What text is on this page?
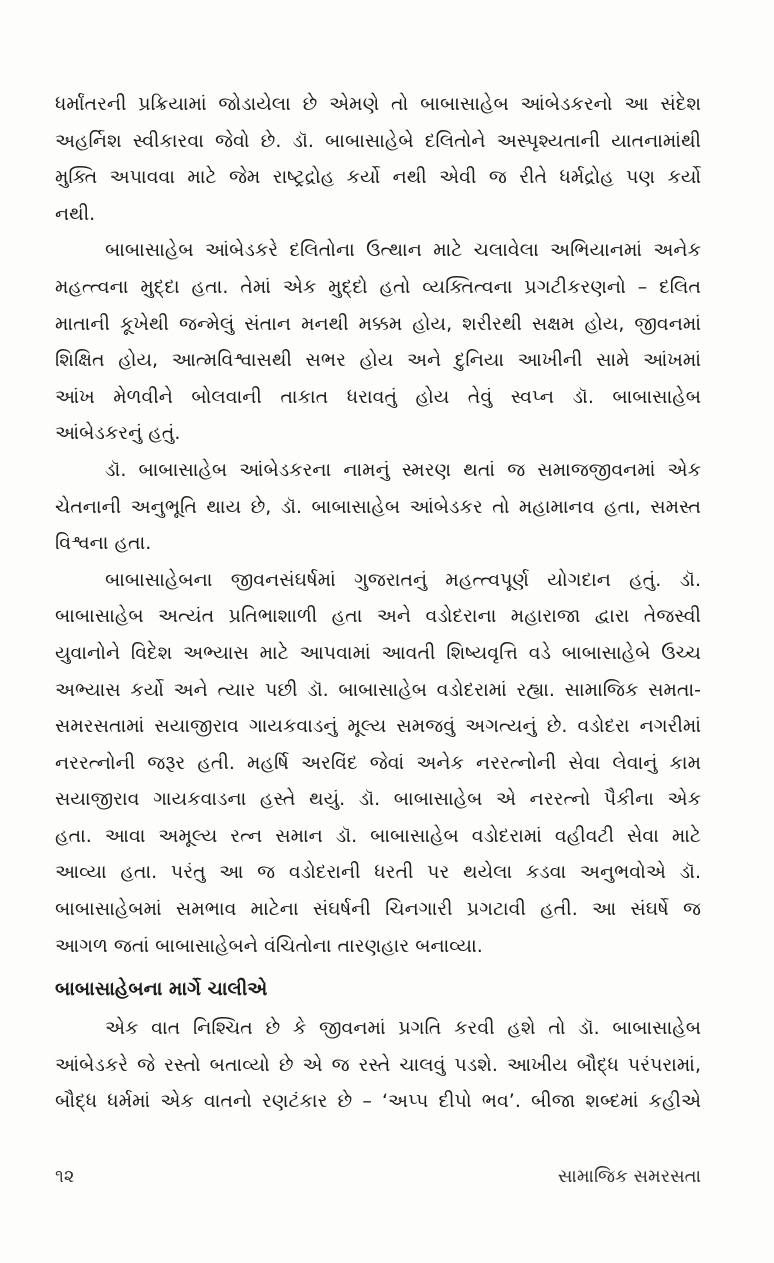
ધર્માંતરની પ્રક્રિયામાં જોડાયેલા છે એમણે તો બાબાસાહેબ આંબેડકરનો આ સંદેશ
અહર્નિશ સ્વીકારવા જેવો છે. ડૉ. બાબાસાહેબે દલિતોને અસ્પૃશ્યતાની યાતનામાંથી
મુક્તિ અપાવવા માટે જેમ રાષ્ટ્રદ્રોહ કર્યો નથી એવી જ રીતે ધર્મદ્રોહ પણ કર્યો
નથી.
બાબાસાહેબ આંબેડકરે દલિતોના ઉત્થાન માટે ચલાવેલા અભિયાનમાં અનેક
મહત્ત્વના મુદ્દા હતા. તેમાં એક મુદ્દો હતો વ્યક્તિત્વના પ્રગટીકરણનો – દલિત
માતાની કૂખેથી જન્મેલું સંતાન મનથી મક્કમ હોય, શરીરથી સક્ષમ હોય, જીવનમાં
શિક્ષિત હોય, આત્મવિશ્વાસથી સભર હોય અને દુનિયા આખીની સામે આંખમાં
આંખ મેળવીને બોલવાની તાકાત ધરાવતું હોય તેવું સ્વપ્ન ડૉ. બાબાસાહેબ
આંબેડકરનું હતું.
ડૉ. બાબાસાહેબ આંબેડકરના નામનું સ્મરણ થતાં જ સમાજજીવનમાં એક
ચેતનાની અનુભૂતિ થાય છે, ડૉ. બાબાસાહેબ આંબેડકર તો મહામાનવ હતા, સમસ્ત
વિશ્વના હતા.
બાબાસાહેબના જીવનસંઘર્ષમાં ગુજરાતનું મહત્ત્વપૂર્ણ યોગદાન હતું. ડૉ.
બાબાસાહેબ અત્યંત પ્રતિભાશાળી હતા અને વડોદરાના મહારાજા દ્વારા તેજસ્વી
યુવાનોને વિદેશ અભ્યાસ માટે આપવામાં આવતી શિષ્યવૃત્તિ વડે બાબાસાહેબે ઉચ્ચ
અભ્યાસ કર્યો અને ત્યાર પછી ડૉ. બાબાસાહેબ વડોદરામાં રહ્યા. સામાજિક સમતા-
સમરસતામાં સયાજીરાવ ગાયકવાડનું મૂલ્ય સમજવું અગત્યનું છે. વડોદરા નગરીમાં
નરરત્નોની જરૂર હતી. મહર્ષિ અરવિંદ જેવાં અનેક નરરત્નોની સેવા લેવાનું કામ
સયાજીરાવ ગાયકવાડના હસ્તે થયું. ડૉ. બાબાસાહેબ એ નરરત્નો પૈકીના એક
હતા. આવા અમૂલ્ય રત્ન સમાન ડૉ. બાબાસાહેબ વડોદરામાં વહીવટી સેવા માટે
આવ્યા હતા. પરંતુ આ જ વડોદરાની ધરતી પર થયેલા કડવા અનુભવોએ ડૉ.
બાબાસાહેબમાં સમભાવ માટેના સંઘર્ષની ચિનગારી પ્રગટાવી હતી. આ સંઘર્ષે જ
આગળ જતાં બાબાસાહેબને વંચિતોના તારણહાર બનાવ્યા.
બાબાસાહેબના માર્ગે ચાલીએ
એક વાત નિશ્ચિત છે કે જીવનમાં પ્રગતિ કરવી હશે તો ડૉ. બાબાસાહેબ
આંબેડકરે જે રસ્તો બતાવ્યો છે એ જ રસ્તે ચાલવું પડશે. આખીય બૌદ્ધ પરંપરામાં,
બૌદ્ધ ધર્મમાં એક વાતનો રણટંકાર છે – ‘અપ્પ દીપો ભવ’. બીજા શબ્દમાં કહીએ
૧૨	સામાજિક સમરસતા
